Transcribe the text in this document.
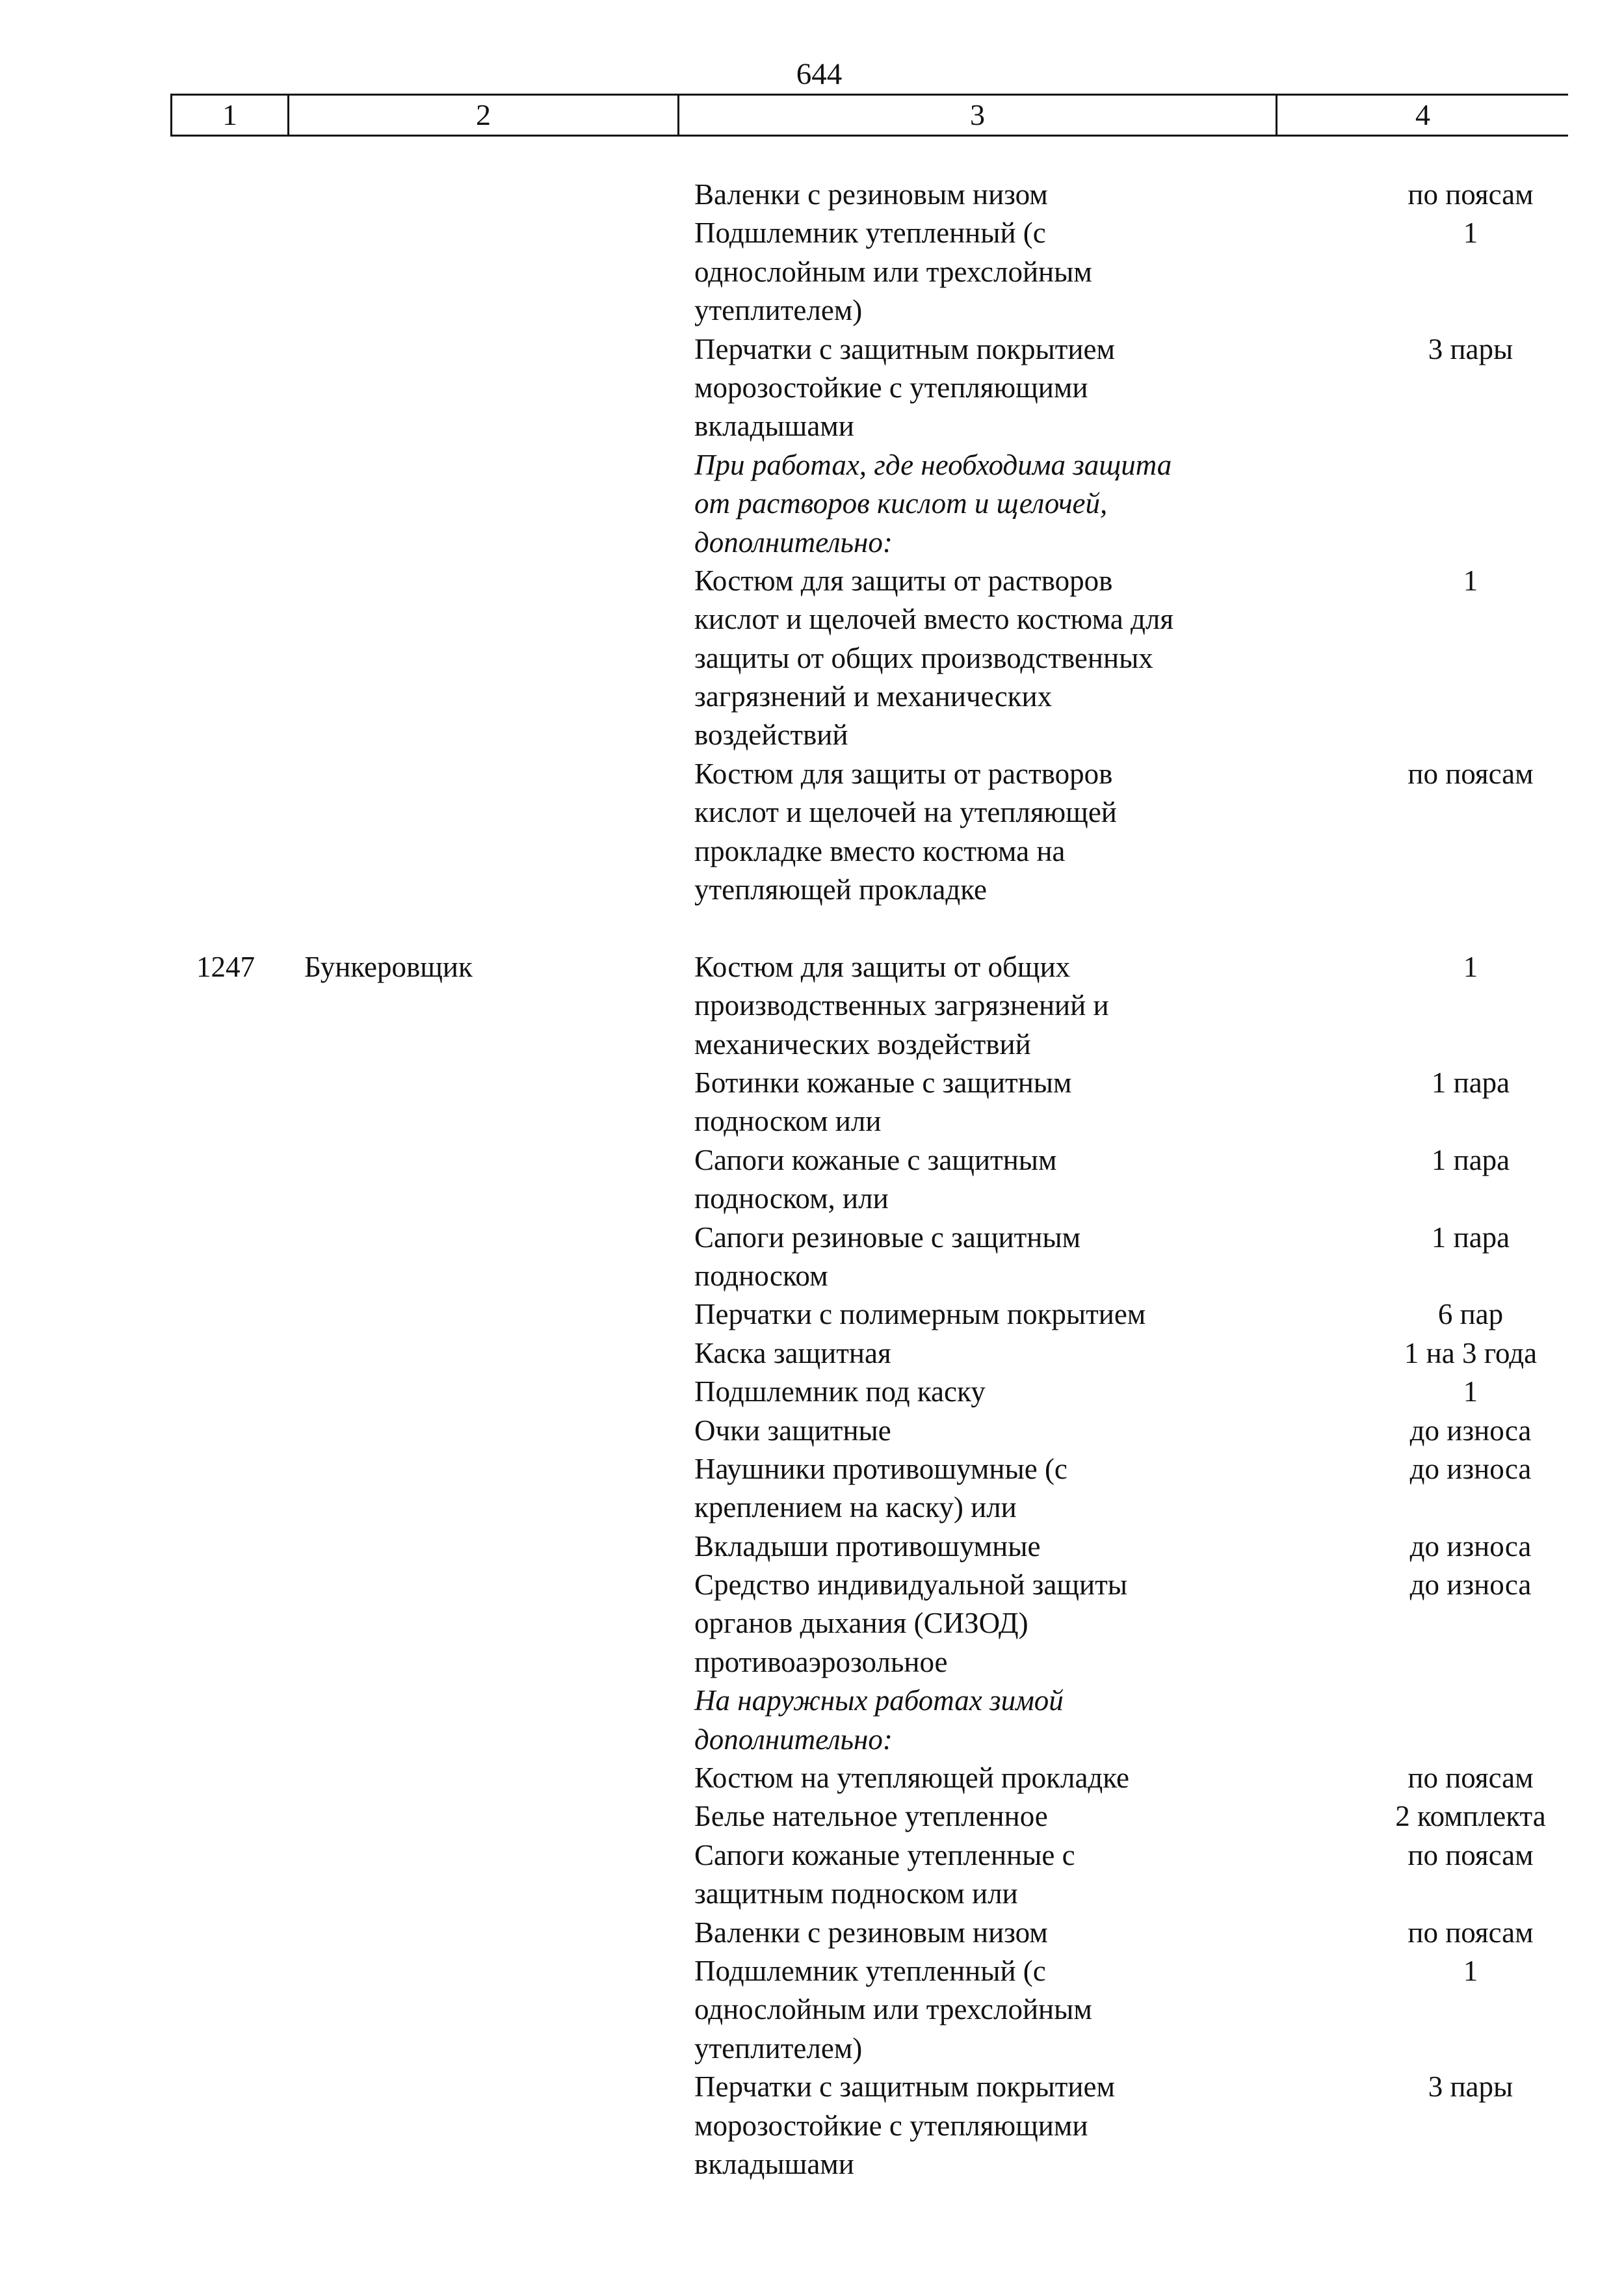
644
1	2	3	4
Валенки с резиновым низом	по поясам
Подшлемник утепленный (с	1
однослойным или трехслойным
утеплителем)
Перчатки с защитным покрытием	3 пары
морозостойкие с утепляющими
вкладышами
При работах, где необходима защита
от растворов кислот и щелочей,
дополнительно:
Костюм для защиты от растворов	1
кислот и щелочей вместо костюма для
защиты от общих производственных
загрязнений и механических
воздействий
Костюм для защиты от растворов	по поясам
кислот и щелочей на утепляющей
прокладке вместо костюма на
утепляющей прокладке
1247 Бункеровщик	Костюм для защиты от общих	1
производственных загрязнений и
механических воздействий
Ботинки кожаные с защитным	1 пара
подноском или
Сапоги кожаные с защитным	1 пара
подноском, или
Сапоги резиновые с защитным	1 пара
подноском
Перчатки с полимерным покрытием	6 пар
Каска защитная	1 на 3 года
Подшлемник под каску	1
Очки защитные	до износа
Наушники противошумные (с	до износа
креплением на каску) или
Вкладыши противошумные	до износа
Средство индивидуальной защиты	до износа
органов дыхания (СИЗОД)
противоаэрозольное
На наружных работах зимой
дополнительно:
Костюм на утепляющей прокладке	по поясам
Белье нательное утепленное	2 комплекта
Сапоги кожаные утепленные с	по поясам
защитным подноском или
Валенки с резиновым низом	по поясам
Подшлемник утепленный (с	1
однослойным или трехслойным
утеплителем)
Перчатки с защитным покрытием	3 пары
морозостойкие с утепляющими
вкладышами
